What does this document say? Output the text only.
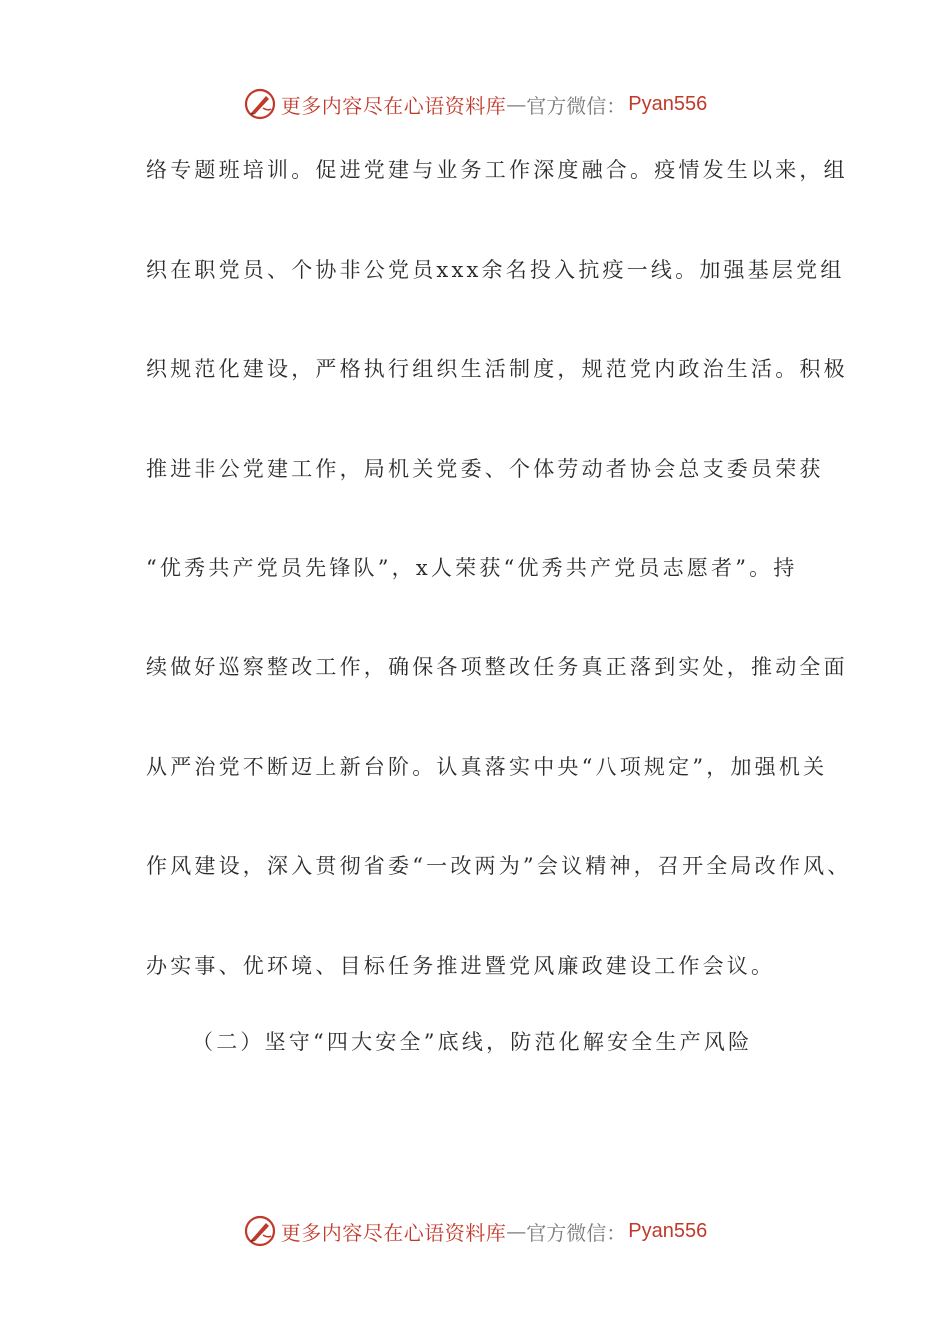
更多内容尽在心语资料库 — 官方微信： Pyan556
络专题班培训。促进党建与业务工作深度融合。疫情发生以来，组
织在职党员、个协非公党员xxx余名投入抗疫一线。加强基层党组
织规范化建设，严格执行组织生活制度，规范党内政治生活。积极
推进非公党建工作，局机关党委、个体劳动者协会总支委员荣获
“优秀共产党员先锋队”，x人荣获“优秀共产党员志愿者”。持
续做好巡察整改工作，确保各项整改任务真正落到实处，推动全面
从严治党不断迈上新台阶。认真落实中央“八项规定”，加强机关
作风建设，深入贯彻省委“一改两为”会议精神，召开全局改作风、
办实事、优环境、目标任务推进暨党风廉政建设工作会议。
（二）坚守“四大安全”底线，防范化解安全生产风险
更多内容尽在心语资料库 — 官方微信： Pyan556
